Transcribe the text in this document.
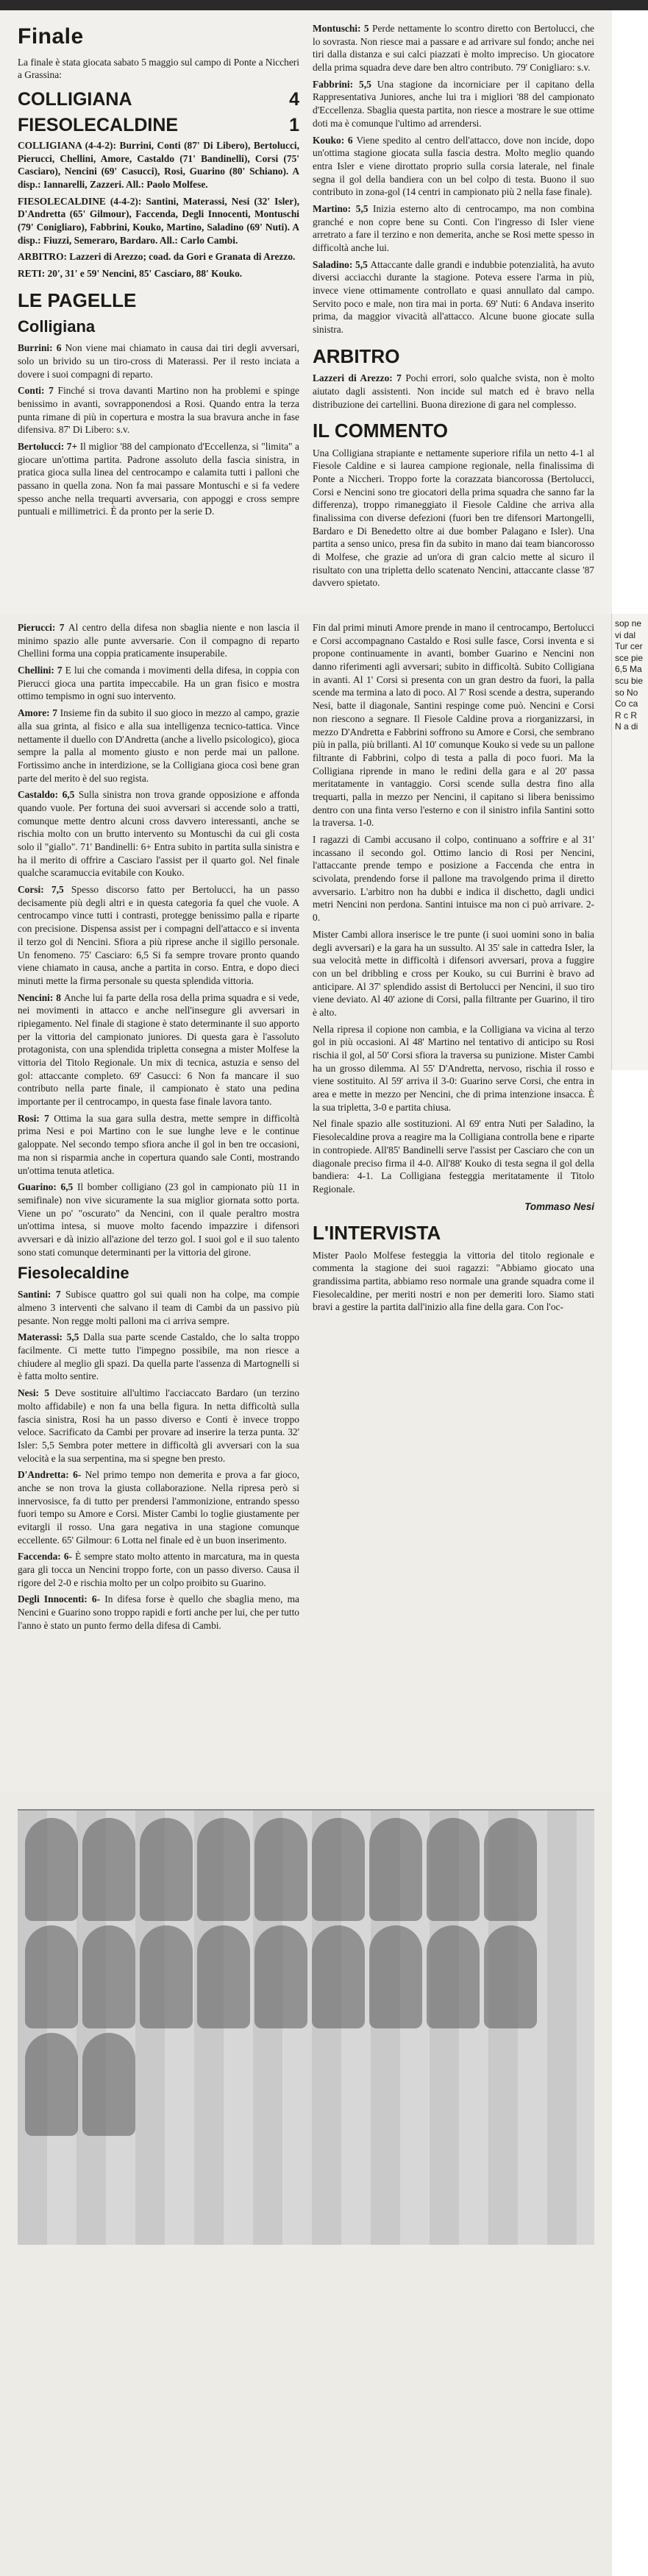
Finale

La finale è stata giocata sabato 5 maggio sul campo di Ponte a Niccheri a Grassina:

COLLIGIANA	4
FIESOLECALDINE	1

COLLIGIANA (4-4-2): Burrini, Conti (87' Di Libero), Bertolucci, Pierucci, Chellini, Amore, Castaldo (71' Bandinelli), Corsi (75' Casciaro), Nencini (69' Casucci), Rosi, Guarino (80' Schiano). A disp.: Iannarelli, Zazzeri. All.: Paolo Molfese.

FIESOLECALDINE (4-4-2): Santini, Materassi, Nesi (32' Isler), D'Andretta (65' Gilmour), Faccenda, Degli Innocenti, Montuschi (79' Conigliaro), Fabbrini, Kouko, Martino, Saladino (69' Nuti). A disp.: Fiuzzi, Semeraro, Bardaro. All.: Carlo Cambi.

ARBITRO: Lazzeri di Arezzo; coad. da Gori e Granata di Arezzo.

RETI: 20', 31' e 59' Nencini, 85' Casciaro, 88' Kouko.

LE PAGELLE
Colligiana

Burrini: 6 Non viene mai chiamato in causa dai tiri degli avversari, solo un brivido su un tiro-cross di Materassi. Per il resto inciata a dovere i suoi compagni di reparto.

Conti: 7 Finché si trova davanti Martino non ha problemi e spinge benissimo in avanti, sovrapponendosi a Rosi. Quando entra la terza punta rimane di più in copertura e mostra la sua bravura anche in fase difensiva. 87' Di Libero: s.v.

Bertolucci: 7+ Il miglior '88 del campionato d'Eccellenza, si "limita" a giocare un'ottima partita. Padrone assoluto della fascia sinistra, in pratica gioca sulla linea del centrocampo e calamita tutti i palloni che passano in quella zona. Non fa mai passare Montuschi e si fa vedere spesso anche nella trequarti avversaria, con appoggi e cross sempre puntuali e millimetrici. È da pronto per la serie D.

Montuschi: 5 Perde nettamente lo scontro diretto con Bertolucci, che lo sovrasta. Non riesce mai a passare e ad arrivare sul fondo; anche nei tiri dalla distanza e sui calci piazzati è molto impreciso. Un giocatore della prima squadra deve dare ben altro contributo. 79' Conigliaro: s.v.

Fabbrini: 5,5 Una stagione da incorniciare per il capitano della Rappresentativa Juniores, anche lui tra i migliori '88 del campionato d'Eccellenza. Sbaglia questa partita, non riesce a mostrare le sue ottime doti ma è comunque l'ultimo ad arrendersi.

Kouko: 6 Viene spedito al centro dell'attacco, dove non incide, dopo un'ottima stagione giocata sulla fascia destra. Molto meglio quando entra Isler e viene dirottato proprio sulla corsia laterale, nel finale segna il gol della bandiera con un bel colpo di testa. Buono il suo contributo in zona-gol (14 centri in campionato più 2 nella fase finale).

Martino: 5,5 Inizia esterno alto di centrocampo, ma non combina granché e non copre bene su Conti. Con l'ingresso di Isler viene arretrato a fare il terzino e non demerita, anche se Rosi mette spesso in difficoltà anche lui.

Saladino: 5,5 Attaccante dalle grandi e indubbie potenzialità, ha avuto diversi acciacchi durante la stagione. Poteva essere l'arma in più, invece viene ottimamente controllato e quasi annullato dal campo. Servito poco e male, non tira mai in porta. 69' Nuti: 6 Andava inserito prima, da maggior vivacità all'attacco. Alcune buone giocate sulla sinistra.

ARBITRO

Lazzeri di Arezzo: 7 Pochi errori, solo qualche svista, non è molto aiutato dagli assistenti. Non incide sul match ed è bravo nella distribuzione dei cartellini. Buona direzione di gara nel complesso.

IL COMMENTO

Una Colligiana strapiante e nettamente superiore rifila un netto 4-1 al Fiesole Caldine e si laurea campione regionale, nella finalissima di Ponte a Niccheri. Troppo forte la corazzata biancorossa (Bertolucci, Corsi e Nencini sono tre giocatori della prima squadra che sanno far la differenza), troppo rimaneggiato il Fiesole Caldine che arriva alla finalissima con diverse defezioni (fuori ben tre difensori Martongelli, Bardaro e Di Benedetto oltre ai due bomber Palagano e Isler). Una partita a senso unico, presa fin da subito in mano dai team biancorosso di Molfese, che grazie ad un'ora di gran calcio mette al sicuro il risultato con una tripletta dello scatenato Nencini, attaccante classe '87 davvero spietato.

Pierucci: 7 Al centro della difesa non sbaglia niente e non lascia il minimo spazio alle punte avversarie. Con il compagno di reparto Chellini forma una coppia praticamente insuperabile.

Chellini: 7 E lui che comanda i movimenti della difesa, in coppia con Pierucci gioca una partita impeccabile. Ha un gran fisico e mostra ottimo tempismo in ogni suo intervento.

Amore: 7 Insieme fin da subito il suo gioco in mezzo al campo, grazie alla sua grinta, al fisico e alla sua intelligenza tecnico-tattica. Vince nettamente il duello con D'Andretta (anche a livello psicologico), gioca sempre la palla al momento giusto e non perde mai un pallone. Fortissimo anche in interdizione, se la Colligiana gioca così bene gran parte del merito è del suo regista.

Castaldo: 6,5 Sulla sinistra non trova grande opposizione e affonda quando vuole. Per fortuna dei suoi avversari si accende solo a tratti, comunque mette dentro alcuni cross davvero interessanti, anche se rischia molto con un brutto intervento su Montuschi da cui gli costa solo il "giallo". 71' Bandinelli: 6+ Entra subito in partita sulla sinistra e ha il merito di offrire a Casciaro l'assist per il quarto gol. Nel finale qualche scaramuccia evitabile con Kouko.

Corsi: 7,5 Spesso discorso fatto per Bertolucci, ha un passo decisamente più degli altri e in questa categoria fa quel che vuole. A centrocampo vince tutti i contrasti, protegge benissimo palla e riparte con precisione. Dispensa assist per i compagni dell'attacco e si inventa il terzo gol di Nencini. Sfiora a più riprese anche il sigillo personale. Un fenomeno. 75' Casciaro: 6,5 Si fa sempre trovare pronto quando viene chiamato in causa, anche a partita in corso. Entra, e dopo dieci minuti mette la firma personale su questa splendida vittoria.

Nencini: 8 Anche lui fa parte della rosa della prima squadra e si vede, nei movimenti in attacco e anche nell'insegure gli avversari in ripiegamento. Nel finale di stagione è stato determinante il suo apporto per la vittoria del campionato juniores. Di questa gara è l'assoluto protagonista, con una splendida tripletta consegna a mister Molfese la vittoria del Titolo Regionale. Un mix di tecnica, astuzia e senso del gol: attaccante completo. 69' Casucci: 6 Non fa mancare il suo contributo nella parte finale, il campionato è stato una pedina importante per il centrocampo, in questa fase finale lavora tanto.

Rosi: 7 Ottima la sua gara sulla destra, mette sempre in difficoltà prima Nesi e poi Martino con le sue lunghe leve e le continue galoppate. Nel secondo tempo sfiora anche il gol in ben tre occasioni, ma non si risparmia anche in copertura quando sale Conti, mostrando un'ottima tenuta atletica.

Guarino: 6,5 Il bomber colligiano (23 gol in campionato più 11 in semifinale) non vive sicuramente la sua miglior giornata sotto porta. Viene un po' "oscurato" da Nencini, con il quale peraltro mostra un'ottima intesa, si muove molto facendo impazzire i difensori avversari e dà inizio all'azione del terzo gol. I suoi gol e il suo talento sono stati comunque determinanti per la vittoria del girone.

Fiesolecaldine

Santini: 7 Subisce quattro gol sui quali non ha colpe, ma compie almeno 3 interventi che salvano il team di Cambi da un passivo più pesante. Non regge molti palloni ma ci arriva sempre.

Materassi: 5,5 Dalla sua parte scende Castaldo, che lo salta troppo facilmente. Ci mette tutto l'impegno possibile, ma non riesce a chiudere al meglio gli spazi. Da quella parte l'assenza di Martognelli si è fatta molto sentire.

Nesi: 5 Deve sostituire all'ultimo l'acciaccato Bardaro (un terzino molto affidabile) e non fa una bella figura. In netta difficoltà sulla fascia sinistra, Rosi ha un passo diverso e Conti è invece troppo veloce. Sacrificato da Cambi per provare ad inserire la terza punta. 32' Isler: 5,5 Sembra poter mettere in difficoltà gli avversari con la sua velocità e la sua serpentina, ma si spegne ben presto.

D'Andretta: 6- Nel primo tempo non demerita e prova a far gioco, anche se non trova la giusta collaborazione. Nella ripresa però si innervosisce, fa di tutto per prendersi l'ammonizione, entrando spesso fuori tempo su Amore e Corsi. Mister Cambi lo toglie giustamente per evitargli il rosso. Una gara negativa in una stagione comunque eccellente. 65' Gilmour: 6 Lotta nel finale ed è un buon inserimento.

Faccenda: 6- È sempre stato molto attento in marcatura, ma in questa gara gli tocca un Nencini troppo forte, con un passo diverso. Causa il rigore del 2-0 e rischia molto per un colpo proibito su Guarino.

Degli Innocenti: 6- In difesa forse è quello che sbaglia meno, ma Nencini e Guarino sono troppo rapidi e forti anche per lui, che per tutto l'anno è stato un punto fermo della difesa di Cambi.

Fin dal primi minuti Amore prende in mano il centrocampo, Bertolucci e Corsi accompagnano Castaldo e Rosi sulle fasce, Corsi inventa e si propone continuamente in avanti, bomber Guarino e Nencini non danno riferimenti agli avversari; subito in difficoltà. Subito Colligiana in avanti. Al 1' Corsi si presenta con un gran destro da fuori, la palla scende ma termina a lato di poco. Al 7' Rosi scende a destra, superando Nesi, batte il diagonale, Santini respinge come può. Nencini e Corsi non riescono a segnare. Il Fiesole Caldine prova a riorganizzarsi, in mezzo D'Andretta e Fabbrini soffrono su Amore e Corsi, che sembrano più in palla, più brillanti. Al 10' comunque Kouko si vede su un pallone filtrante di Fabbrini, colpo di testa a palla di poco fuori. Ma la Colligiana riprende in mano le redini della gara e al 20' passa meritatamente in vantaggio. Corsi scende sulla destra fino alla trequarti, palla in mezzo per Nencini, il capitano si libera benissimo dentro con una finta verso l'esterno e con il sinistro infila Santini sotto la traversa. 1-0.

I ragazzi di Cambi accusano il colpo, continuano a soffrire e al 31' incassano il secondo gol. Ottimo lancio di Rosi per Nencini, l'attaccante prende tempo e posizione a Faccenda che entra in scivolata, prendendo forse il pallone ma travolgendo prima il diretto avversario. L'arbitro non ha dubbi e indica il dischetto, dagli undici metri Nencini non perdona. Santini intuisce ma non ci può arrivare. 2-0.

Mister Cambi allora inserisce le tre punte (i suoi uomini sono in balia degli avversari) e la gara ha un sussulto. Al 35' sale in cattedra Isler, la sua velocità mette in difficoltà i difensori avversari, prova a fuggire con un bel dribbling e cross per Kouko, su cui Burrini è bravo ad anticipare. Al 37' splendido assist di Bertolucci per Nencini, il suo tiro viene deviato. Al 40' azione di Corsi, palla filtrante per Guarino, il tiro è alto.

Nella ripresa il copione non cambia, e la Colligiana va vicina al terzo gol in più occasioni. Al 48' Martino nel tentativo di anticipo su Rosi rischia il gol, al 50' Corsi sfiora la traversa su punizione. Mister Cambi ha un grosso dilemma. Al 55' D'Andretta, nervoso, rischia il rosso e viene sostituito. Al 59' arriva il 3-0: Guarino serve Corsi, che entra in area e mette in mezzo per Nencini, che di prima intenzione insacca. È la sua tripletta, 3-0 e partita chiusa.

Nel finale spazio alle sostituzioni. Al 69' entra Nuti per Saladino, la Fiesolecaldine prova a reagire ma la Colligiana controlla bene e riparte in contropiede. All'85' Bandinelli serve l'assist per Casciaro che con un diagonale preciso firma il 4-0. All'88' Kouko di testa segna il gol della bandiera: 4-1. La Colligiana festeggia meritatamente il Titolo Regionale.

Tommaso Nesi
L'INTERVISTA

Mister Paolo Molfese festeggia la vittoria del titolo regionale e commenta la stagione dei suoi ragazzi: "Abbiamo giocato una grandissima partita, abbiamo reso normale una grande squadra come il Fiesolecaldine, per meriti nostri e non per demeriti loro. Siamo stati bravi a gestire la partita dall'inizio alla fine della gara. Con l'oc-

sop ne vi dal Tur cer sce pie 6,5 Ma scu bie so No Co ca R c R N a di
